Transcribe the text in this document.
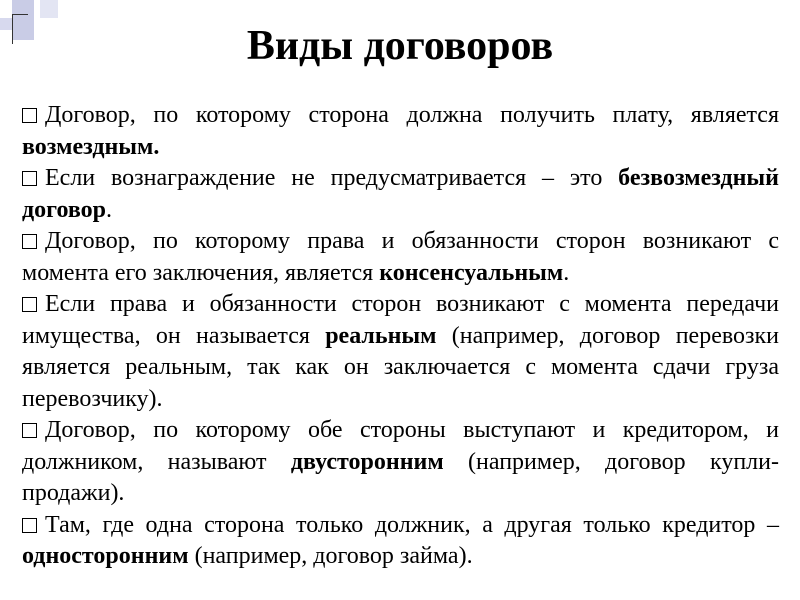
Виды договоров

Договор, по которому сторона должна получить плату, является возмездным.

Если вознаграждение не предусматривается – это безвозмездный договор.

Договор, по которому права и обязанности сторон возникают с момента его заключения, является консенсуальным.

Если права и обязанности сторон возникают с момента передачи имущества, он называется реальным (например, договор перевозки является реальным, так как он заключается с момента сдачи груза перевозчику).

Договор, по которому обе стороны выступают и кредитором, и должником, называют двусторонним (например, договор купли-продажи).

Там, где одна сторона только должник, а другая только кредитор – односторонним (например, договор займа).
